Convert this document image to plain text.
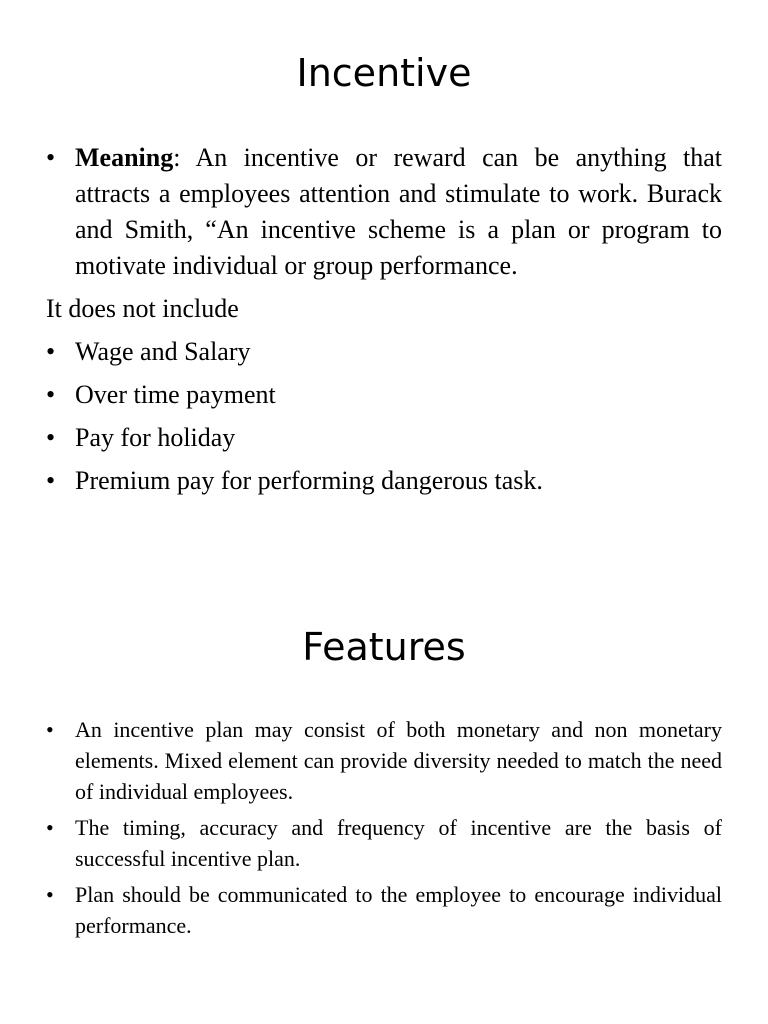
Incentive
• Meaning: An incentive or reward can be anything that attracts a employees attention and stimulate to work. Burack and Smith, “An incentive scheme is a plan or program to motivate individual or group performance.
It does not include
• Wage and Salary
• Over time payment
• Pay for holiday
• Premium pay for performing dangerous task.
Features
• An incentive plan may consist of both monetary and non monetary elements. Mixed element can provide diversity needed to match the need of individual employees.
• The timing, accuracy and frequency of incentive are the basis of successful incentive plan.
• Plan should be communicated to the employee to encourage individual performance.
